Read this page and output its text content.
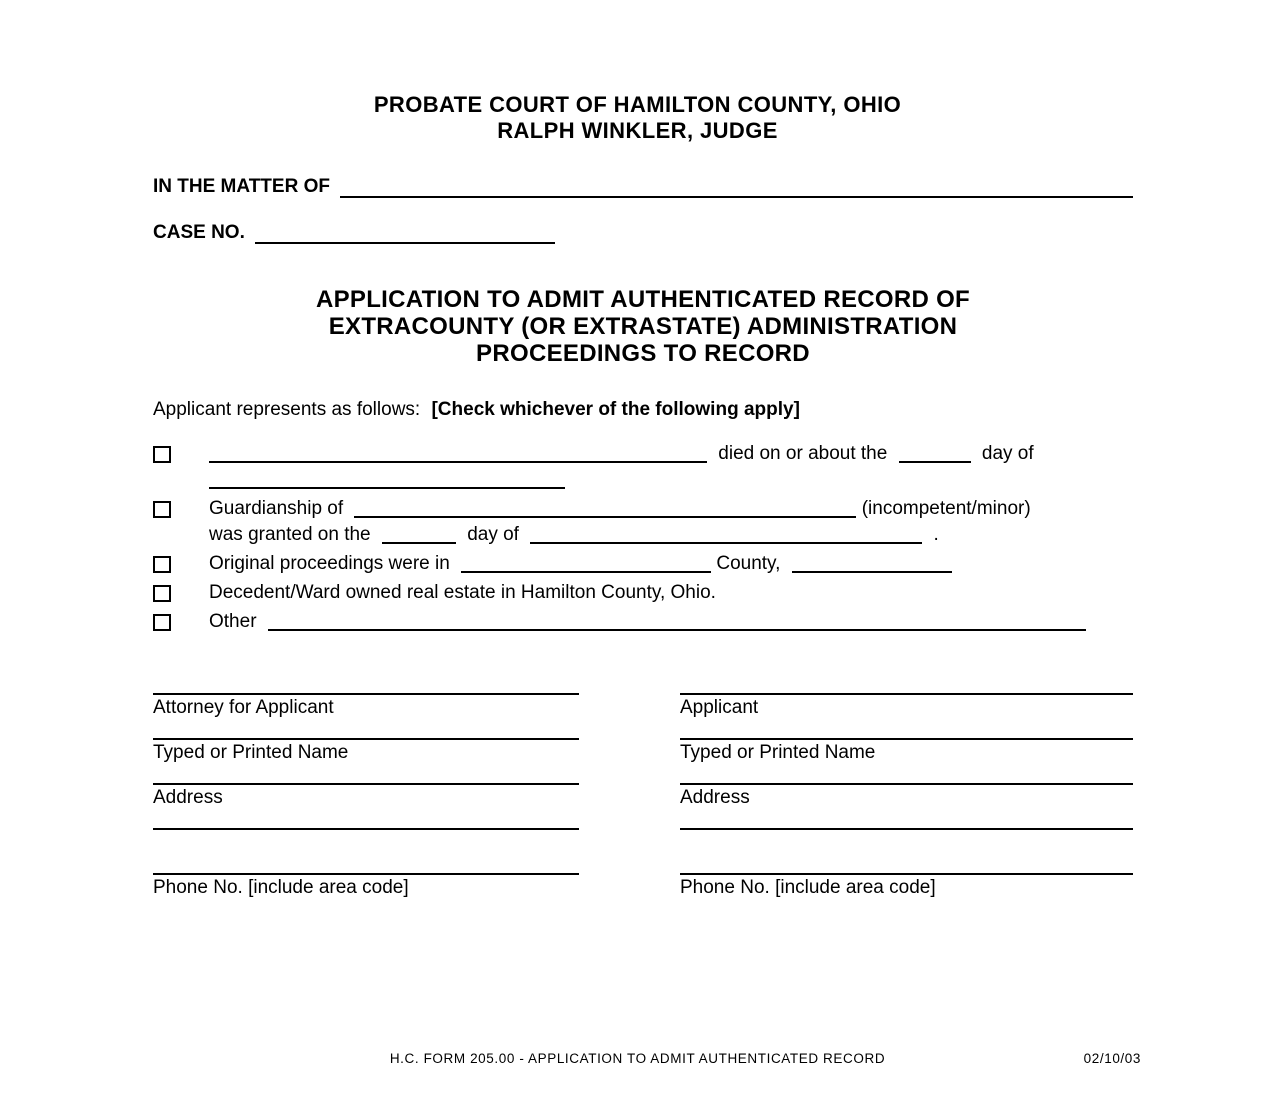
PROBATE COURT OF HAMILTON COUNTY, OHIO
RALPH WINKLER, JUDGE
IN THE MATTER OF
CASE NO.
APPLICATION TO ADMIT AUTHENTICATED RECORD OF
EXTRACOUNTY (OR EXTRASTATE) ADMINISTRATION
PROCEEDINGS TO RECORD
Applicant represents as follows: [Check whichever of the following apply]
died on or about the	day of
Guardianship of	(incompetent/minor)
was granted on the	day of	.
Original proceedings were in	County,
Decedent/Ward owned real estate in Hamilton County, Ohio.
Other
Attorney for Applicant
Typed or Printed Name
Address
Phone No. [include area code]
Applicant
Typed or Printed Name
Address
Phone No. [include area code]
H.C. FORM 205.00 - APPLICATION TO ADMIT AUTHENTICATED RECORD	02/10/03
